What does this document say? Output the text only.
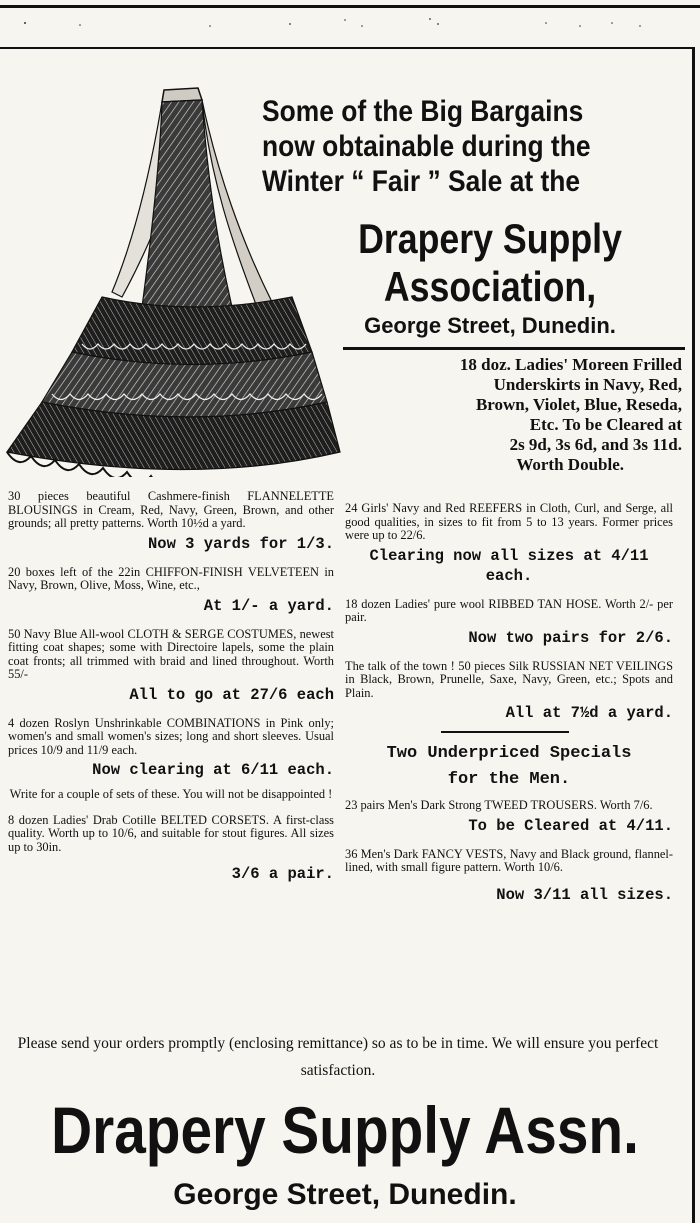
Some of the Big Bargains
now obtainable during the
Winter “ Fair ” Sale at the
Drapery Supply
Association,
George Street, Dunedin.
18 doz. Ladies' Moreen Frilled
Underskirts in Navy, Red,
Brown, Violet, Blue, Reseda,
Etc. To be Cleared at
2s 9d, 3s 6d, and 3s 11d.
Worth Double.

30 pieces beautiful Cashmere-finish FLANNELETTE BLOUSINGS in Cream, Red, Navy, Green, Brown, and other grounds; all pretty patterns. Worth 10½d a yard.

Now 3 yards for 1/3.

20 boxes left of the 22in CHIFFON-FINISH VELVETEEN in Navy, Brown, Olive, Moss, Wine, etc.,

At 1/- a yard.

50 Navy Blue All-wool CLOTH & SERGE COSTUMES, newest fitting coat shapes; some with Directoire lapels, some the plain coat fronts; all trimmed with braid and lined throughout. Worth 55/-

All to go at 27/6 each

4 dozen Roslyn Unshrinkable COMBINATIONS in Pink only; women's and small women's sizes; long and short sleeves. Usual prices 10/9 and 11/9 each.

Now clearing at 6/11 each.

Write for a couple of sets of these. You will not be disappointed !

8 dozen Ladies' Drab Cotille BELTED CORSETS. A first-class quality. Worth up to 10/6, and suitable for stout figures. All sizes up to 30in.

3/6 a pair.

24 Girls' Navy and Red REEFERS in Cloth, Curl, and Serge, all good qualities, in sizes to fit from 5 to 13 years. Former prices were up to 22/6.

Clearing now all sizes at 4/11 each.

18 dozen Ladies' pure wool RIBBED TAN HOSE. Worth 2/- per pair.

Now two pairs for 2/6.

The talk of the town ! 50 pieces Silk RUSSIAN NET VEILINGS in Black, Brown, Prunelle, Saxe, Navy, Green, etc.; Spots and Plain.

All at 7½d a yard.
Two Underpriced Specials
for the Men.

23 pairs Men's Dark Strong TWEED TROUSERS. Worth 7/6.

To be Cleared at 4/11.

36 Men's Dark FANCY VESTS, Navy and Black ground, flannel-lined, with small figure pattern. Worth 10/6.

Now 3/11 all sizes.
Please send your orders promptly (enclosing remittance) so as to be in time. We will ensure you perfect satisfaction.
Drapery Supply Assn.
George Street, Dunedin.
